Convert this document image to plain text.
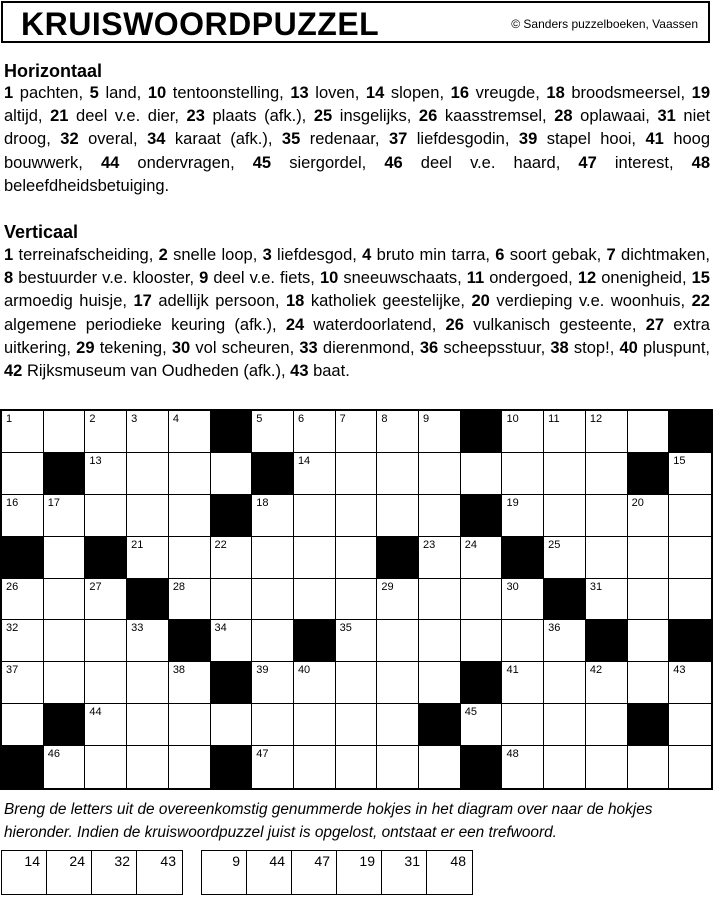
KRUISWOORDPUZZEL	© Sanders puzzelboeken, Vaassen
Horizontaal
1 pachten, 5 land, 10 tentoonstelling, 13 loven, 14 slopen, 16 vreugde, 18 broodsmeersel, 19 altijd, 21 deel v.e. dier, 23 plaats (afk.), 25 insgelijks, 26 kaasstremsel, 28 oplawaai, 31 niet droog, 32 overal, 34 karaat (afk.), 35 redenaar, 37 liefdesgodin, 39 stapel hooi, 41 hoog bouwwerk, 44 ondervragen, 45 siergordel, 46 deel v.e. haard, 47 interest, 48 beleefdheidsbetuiging.
Verticaal
1 terreinafscheiding, 2 snelle loop, 3 liefdesgod, 4 bruto min tarra, 6 soort gebak, 7 dichtmaken, 8 bestuurder v.e. klooster, 9 deel v.e. fiets, 10 sneeuwschaats, 11 ondergoed, 12 onenigheid, 15 armoedig huisje, 17 adellijk persoon, 18 katholiek geestelijke, 20 verdieping v.e. woonhuis, 22 algemene periodieke keuring (afk.), 24 waterdoorlatend, 26 vulkanisch gesteente, 27 extra uitkering, 29 tekening, 30 vol scheuren, 33 dierenmond, 36 scheepsstuur, 38 stop!, 40 pluspunt, 42 Rijksmuseum van Oudheden (afk.), 43 baat.
1	2	3	4	5	6	7	8	9	10	11	12
13	14	15
16	17	18	19	20
21	22	23	24	25
26	27	28	29	30	31
32	33	34	35	36
37	38	39	40	41	42	43
44	45
46	47	48
Breng de letters uit de overeenkomstig genummerde hokjes in het diagram over naar de hokjes hieronder. Indien de kruiswoordpuzzel juist is opgelost, ontstaat er een trefwoord.
14 24 32 43	9 44 47 19 31 48
